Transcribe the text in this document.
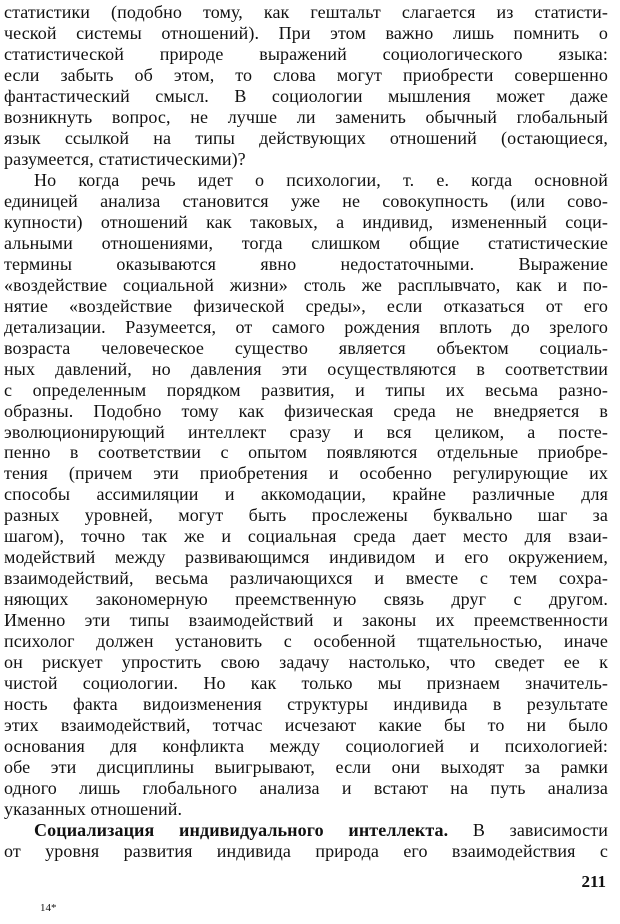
статистики (подобно тому, как гештальт слагается из статисти-
ческой системы отношений). При этом важно лишь помнить о
статистической природе выражений социологического языка:
если забыть об этом, то слова могут приобрести совершенно
фантастический смысл. В социологии мышления может даже
возникнуть вопрос, не лучше ли заменить обычный глобальный
язык ссылкой на типы действующих отношений (остающиеся,
разумеется, статистическими)?
Но когда речь идет о психологии, т. е. когда основной
единицей анализа становится уже не совокупность (или сово-
купности) отношений как таковых, а индивид, измененный соци-
альными отношениями, тогда слишком общие статистические
термины оказываются явно недостаточными. Выражение
«воздействие социальной жизни» столь же расплывчато, как и по-
нятие «воздействие физической среды», если отказаться от его
детализации. Разумеется, от самого рождения вплоть до зрелого
возраста человеческое существо является объектом социаль-
ных давлений, но давления эти осуществляются в соответствии
с определенным порядком развития, и типы их весьма разно-
образны. Подобно тому как физическая среда не внедряется в
эволюционирующий интеллект сразу и вся целиком, а посте-
пенно в соответствии с опытом появляются отдельные приобре-
тения (причем эти приобретения и особенно регулирующие их
способы ассимиляции и аккомодации, крайне различные для
разных уровней, могут быть прослежены буквально шаг за
шагом), точно так же и социальная среда дает место для взаи-
модействий между развивающимся индивидом и его окружением,
взаимодействий, весьма различающихся и вместе с тем сохра-
няющих закономерную преемственную связь друг с другом.
Именно эти типы взаимодействий и законы их преемственности
психолог должен установить с особенной тщательностью, иначе
он рискует упростить свою задачу настолько, что сведет ее к
чистой социологии. Но как только мы признаем значитель-
ность факта видоизменения структуры индивида в результате
этих взаимодействий, тотчас исчезают какие бы то ни было
основания для конфликта между социологией и психологией:
обе эти дисциплины выигрывают, если они выходят за рамки
одного лишь глобального анализа и встают на путь анализа
указанных отношений.
Социализация индивидуального интеллекта. В зависимости
от уровня развития индивида природа его взаимодействия с
211
14*
